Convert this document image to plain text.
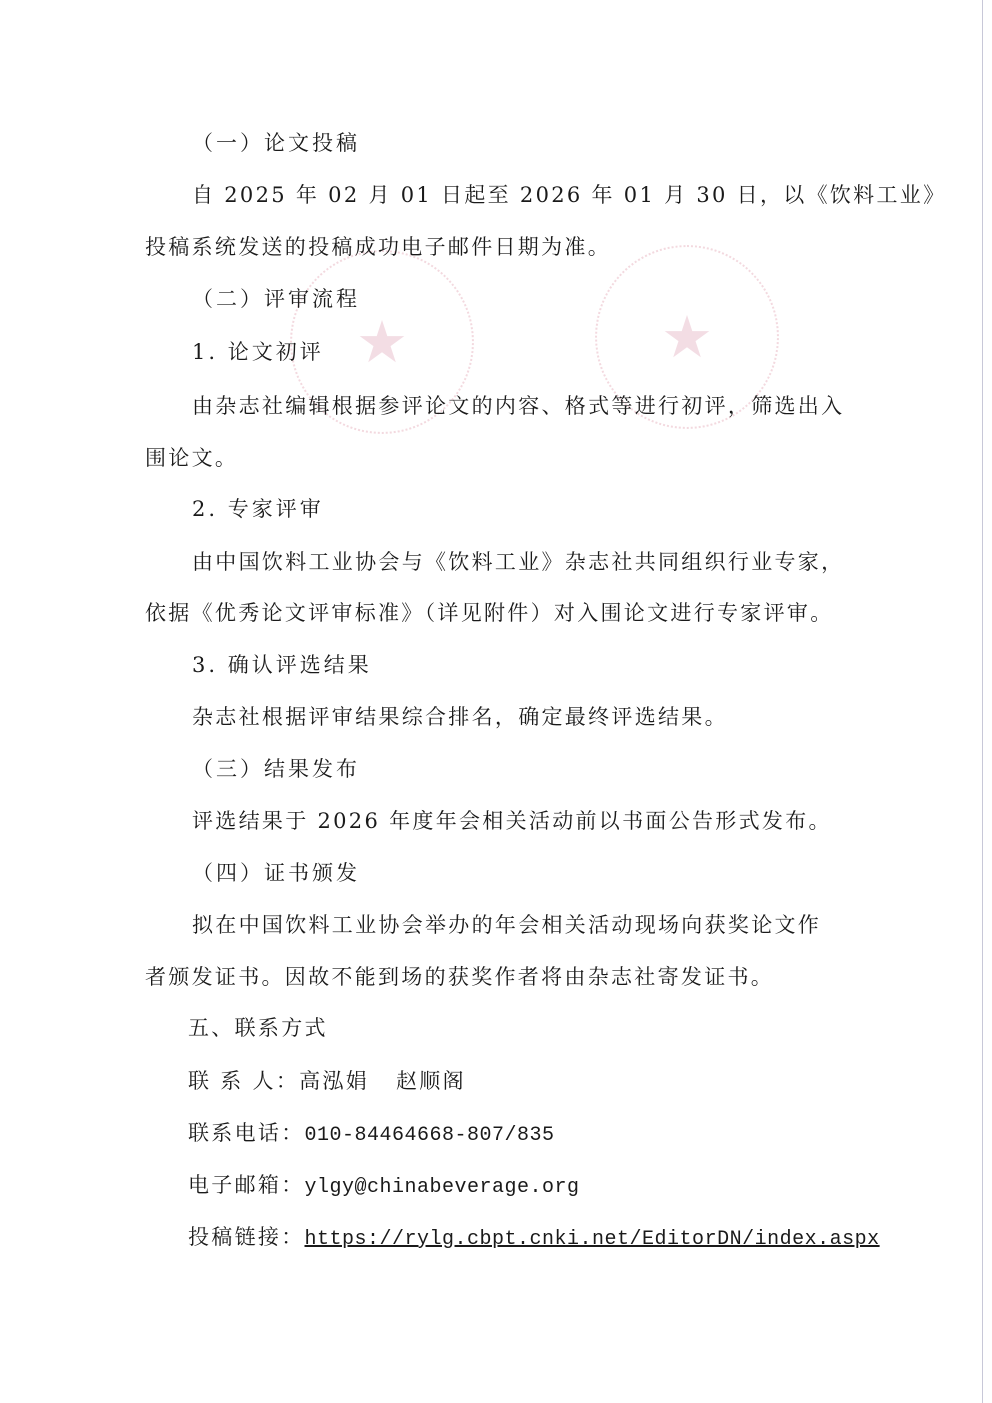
★	★
（一）论文投稿
自 2025 年 02 月 01 日起至 2026 年 01 月 30 日，以《饮料工业》
投稿系统发送的投稿成功电子邮件日期为准。
（二）评审流程
1. 论文初评
由杂志社编辑根据参评论文的内容、格式等进行初评，筛选出入
围论文。
2. 专家评审
由中国饮料工业协会与《饮料工业》杂志社共同组织行业专家，
依据《优秀论文评审标准》（详见附件）对入围论文进行专家评审。
3. 确认评选结果
杂志社根据评审结果综合排名，确定最终评选结果。
（三）结果发布
评选结果于 2026 年度年会相关活动前以书面公告形式发布。
（四）证书颁发
拟在中国饮料工业协会举办的年会相关活动现场向获奖论文作
者颁发证书。因故不能到场的获奖作者将由杂志社寄发证书。
五、联系方式
联 系 人：高泓娟   赵顺阁
联系电话：010-84464668-807/835
电子邮箱：ylgy@chinabeverage.org
投稿链接：https://rylg.cbpt.cnki.net/EditorDN/index.aspx
